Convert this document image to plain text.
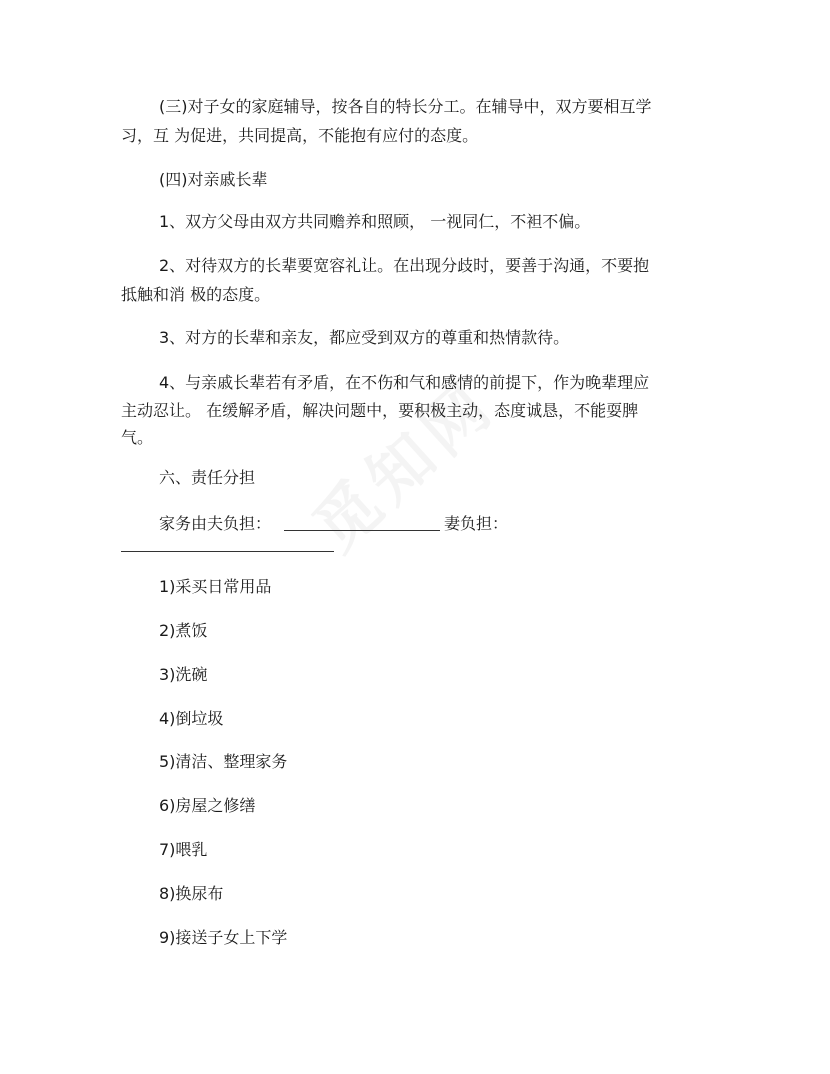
(三)对子女的家庭辅导，按各自的特长分工。在辅导中，双方要相互学

习，互 为促进，共同提高，不能抱有应付的态度。

(四)对亲戚长辈

1、双方父母由双方共同赡养和照顾， 一视同仁，不袒不偏。

2、对待双方的长辈要宽容礼让。在出现分歧时，要善于沟通，不要抱

抵触和消 极的态度。

3、对方的长辈和亲友，都应受到双方的尊重和热情款待。

4、与亲戚长辈若有矛盾，在不伤和气和感情的前提下，作为晚辈理应

主动忍让。 在缓解矛盾，解决问题中，要积极主动，态度诚恳，不能耍脾

气。

六、责任分担

家务由夫负担：	妻负担：

1)采买日常用品

2)煮饭

3)洗碗

4)倒垃圾

5)清洁、整理家务

6)房屋之修缮

7)喂乳

8)换尿布

9)接送子女上下学
